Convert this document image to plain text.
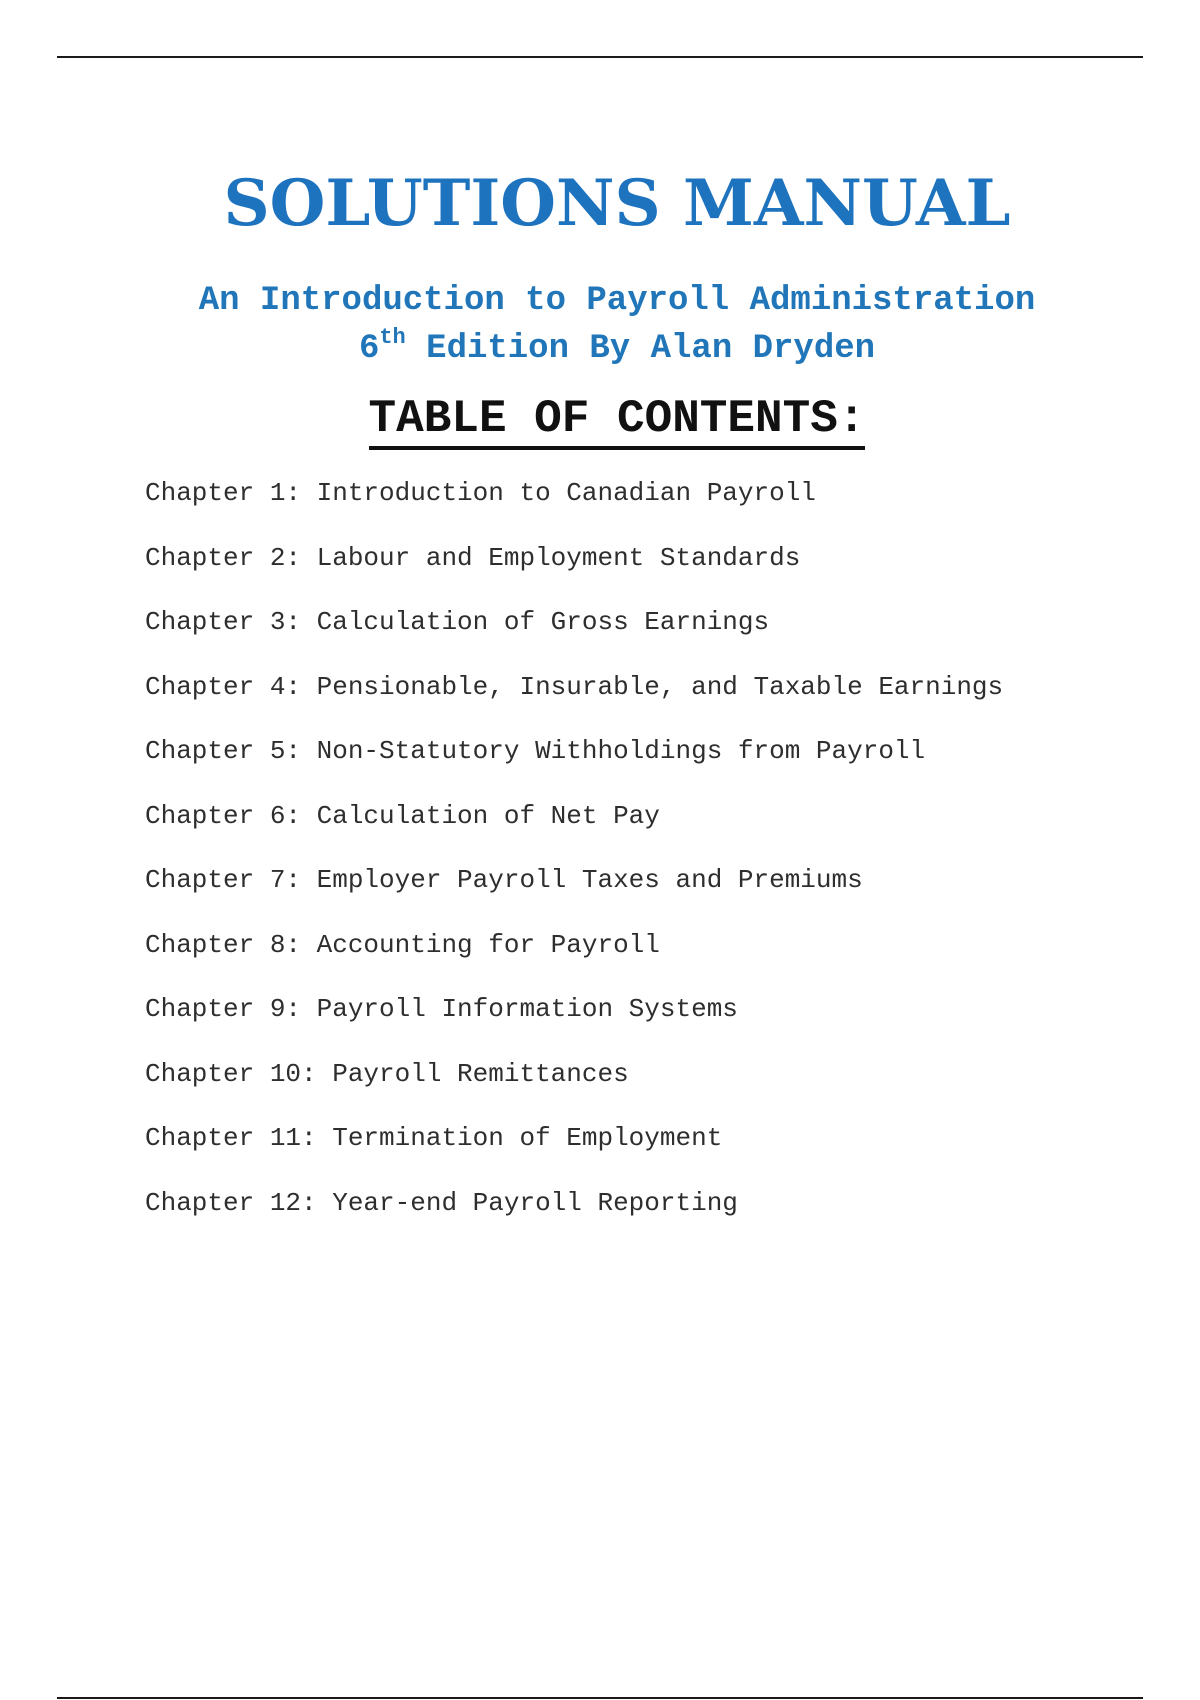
SOLUTIONS MANUAL
An Introduction to Payroll Administration
6th Edition By Alan Dryden
TABLE OF CONTENTS:
Chapter 1: Introduction to Canadian Payroll
Chapter 2: Labour and Employment Standards
Chapter 3: Calculation of Gross Earnings
Chapter 4: Pensionable, Insurable, and Taxable Earnings
Chapter 5: Non-Statutory Withholdings from Payroll
Chapter 6: Calculation of Net Pay
Chapter 7: Employer Payroll Taxes and Premiums
Chapter 8: Accounting for Payroll
Chapter 9: Payroll Information Systems
Chapter 10: Payroll Remittances
Chapter 11: Termination of Employment
Chapter 12: Year-end Payroll Reporting
